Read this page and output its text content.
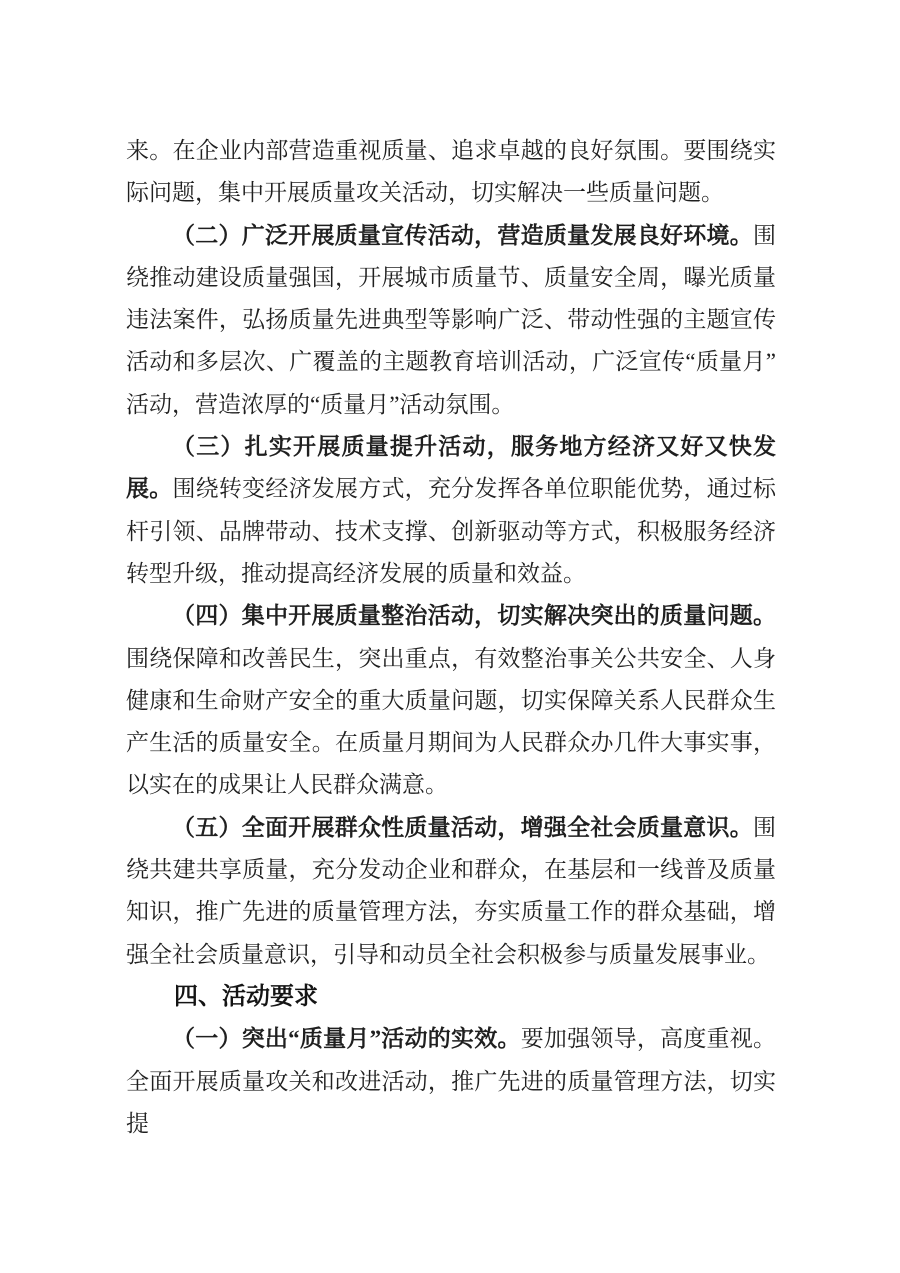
来。在企业内部营造重视质量、追求卓越的良好氛围。要围绕实际问题，集中开展质量攻关活动，切实解决一些质量问题。

（二）广泛开展质量宣传活动，营造质量发展良好环境。围绕推动建设质量强国，开展城市质量节、质量安全周，曝光质量违法案件，弘扬质量先进典型等影响广泛、带动性强的主题宣传活动和多层次、广覆盖的主题教育培训活动，广泛宣传“质量月”活动，营造浓厚的“质量月”活动氛围。

（三）扎实开展质量提升活动，服务地方经济又好又快发展。围绕转变经济发展方式，充分发挥各单位职能优势，通过标杆引领、品牌带动、技术支撑、创新驱动等方式，积极服务经济转型升级，推动提高经济发展的质量和效益。

（四）集中开展质量整治活动，切实解决突出的质量问题。围绕保障和改善民生，突出重点，有效整治事关公共安全、人身健康和生命财产安全的重大质量问题，切实保障关系人民群众生产生活的质量安全。在质量月期间为人民群众办几件大事实事，以实在的成果让人民群众满意。

（五）全面开展群众性质量活动，增强全社会质量意识。围绕共建共享质量，充分发动企业和群众，在基层和一线普及质量知识，推广先进的质量管理方法，夯实质量工作的群众基础，增强全社会质量意识，引导和动员全社会积极参与质量发展事业。

四、活动要求

（一）突出“质量月”活动的实效。要加强领导，高度重视。全面开展质量攻关和改进活动，推广先进的质量管理方法，切实提
